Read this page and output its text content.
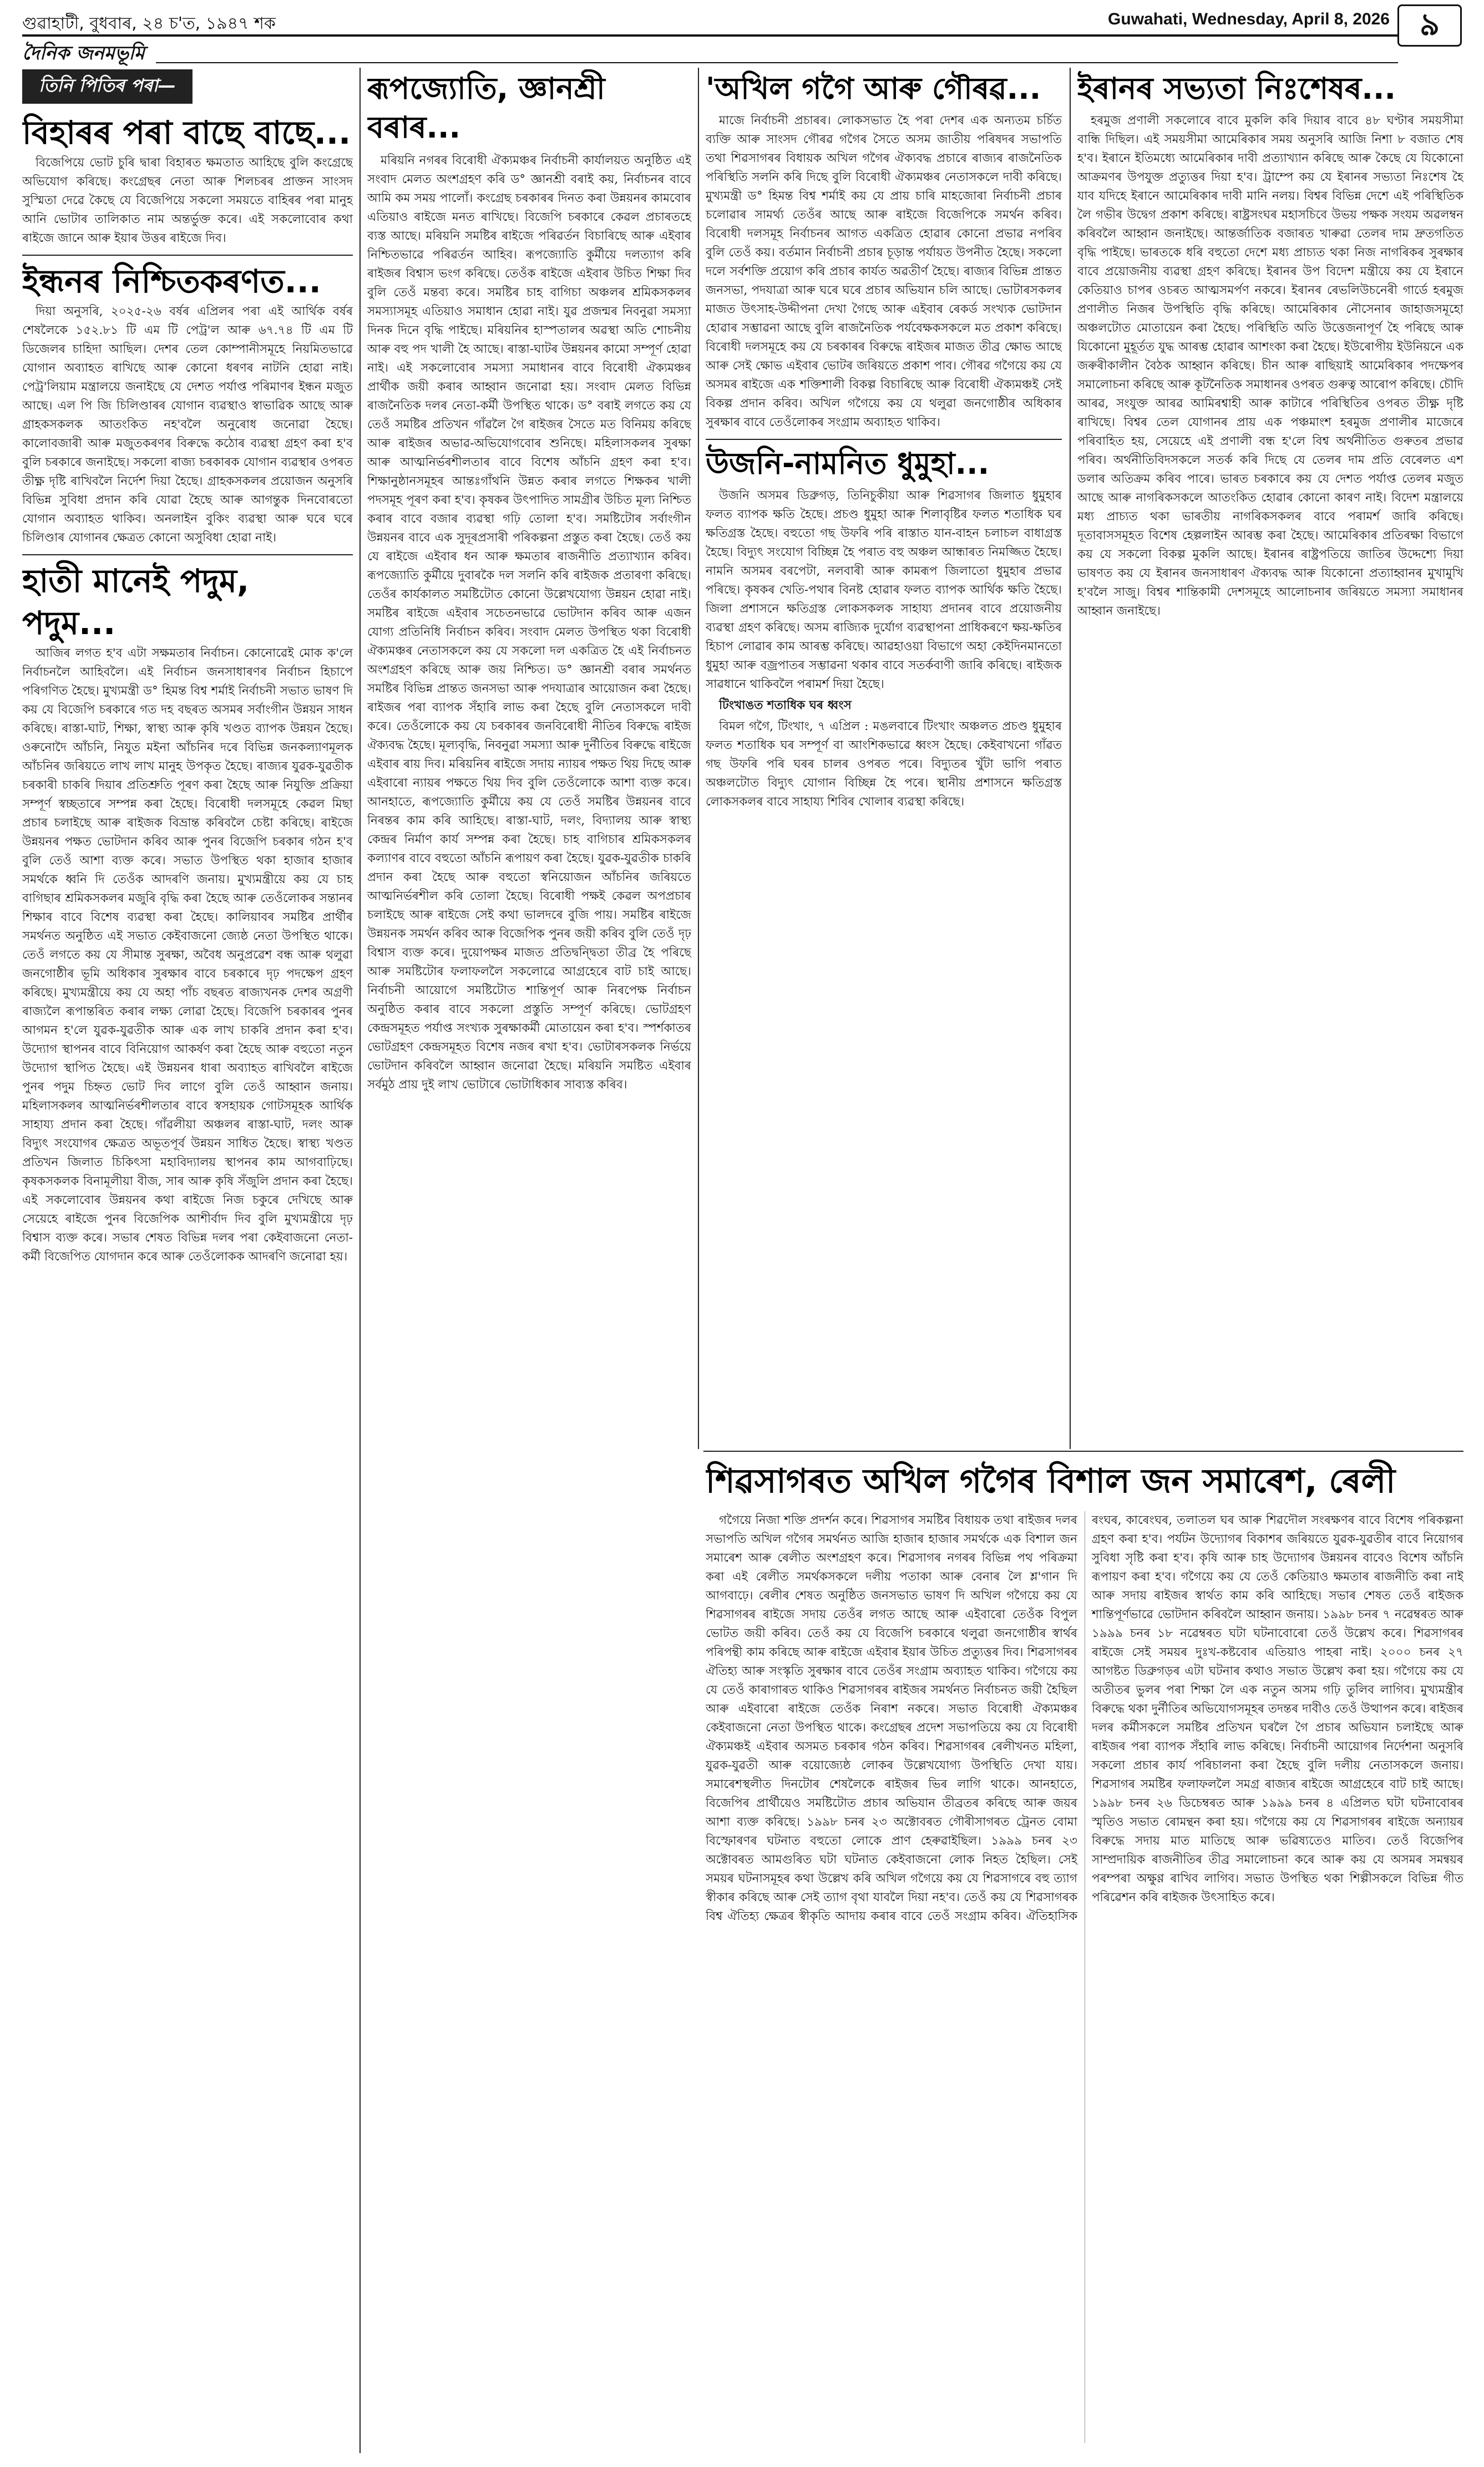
গুৱাহাটী, বুধবাৰ, ২৪ চ'ত, ১৯৪৭ শক	Guwahati, Wednesday, April 8, 2026 ৯
দৈনিক জনমভূমি
তিনি পিতিৰ পৰা—
বিহাৰৰ পৰা বাছে বাছে...

বিজেপিয়ে ভোট চুৰি দ্বাৰা বিহাৰত ক্ষমতাত আহিছে বুলি কংগ্ৰেছে অভিযোগ কৰিছে। কংগ্ৰেছৰ নেতা আৰু শিলচৰৰ প্ৰাক্তন সাংসদ সুস্মিতা দেৱে কৈছে যে বিজেপিয়ে সকলো সময়তে বাহিৰৰ পৰা মানুহ আনি ভোটাৰ তালিকাত নাম অন্তৰ্ভুক্ত কৰে। এই সকলোবোৰ কথা ৰাইজে জানে আৰু ইয়াৰ উত্তৰ ৰাইজে দিব।

ইন্ধনৰ নিশ্চিতকৰণত...

দিয়া অনুসৰি, ২০২৫-২৬ বৰ্ষৰ এপ্ৰিলৰ পৰা এই আৰ্থিক বৰ্ষৰ শেষলৈকে ১৫২.৮১ টি এম টি পেট্ৰ'ল আৰু ৬৭.৭৪ টি এম টি ডিজেলৰ চাহিদা আছিল। দেশৰ তেল কোম্পানীসমূহে নিয়মিতভাৱে যোগান অব্যাহত ৰাখিছে আৰু কোনো ধৰণৰ নাটনি হোৱা নাই। পেট্ৰ'লিয়াম মন্ত্ৰালয়ে জনাইছে যে দেশত পৰ্যাপ্ত পৰিমাণৰ ইন্ধন মজুত আছে। এল পি জি চিলিণ্ডাৰৰ যোগান ব্যৱস্থাও স্বাভাৱিক আছে আৰু গ্ৰাহকসকলক আতংকিত নহ'বলৈ অনুৰোধ জনোৱা হৈছে। কালোবজাৰী আৰু মজুতকৰণৰ বিৰুদ্ধে কঠোৰ ব্যৱস্থা গ্ৰহণ কৰা হ'ব বুলি চৰকাৰে জনাইছে। সকলো ৰাজ্য চৰকাৰক যোগান ব্যৱস্থাৰ ওপৰত তীক্ষ্ণ দৃষ্টি ৰাখিবলৈ নিৰ্দেশ দিয়া হৈছে। গ্ৰাহকসকলৰ প্ৰয়োজন অনুসৰি বিভিন্ন সুবিধা প্ৰদান কৰি যোৱা হৈছে আৰু আগন্তুক দিনবোৰতো যোগান অব্যাহত থাকিব। অনলাইন বুকিং ব্যৱস্থা আৰু ঘৰে ঘৰে চিলিণ্ডাৰ যোগানৰ ক্ষেত্ৰত কোনো অসুবিধা হোৱা নাই।

হাতী মানেই পদুম, পদুম...

আজিৰ লগত হ'ব এটা সক্ষমতাৰ নিৰ্বাচন। কোনোৱেই মোক ক'লে নিৰ্বাচনলৈ আহিবলৈ। এই নিৰ্বাচন জনসাধাৰণৰ নিৰ্বাচন হিচাপে পৰিগণিত হৈছে। মুখ্যমন্ত্ৰী ড° হিমন্ত বিশ্ব শৰ্মাই নিৰ্বাচনী সভাত ভাষণ দি কয় যে বিজেপি চৰকাৰে গত দহ বছৰত অসমৰ সৰ্বাংগীন উন্নয়ন সাধন কৰিছে। ৰাস্তা-ঘাট, শিক্ষা, স্বাস্থ্য আৰু কৃষি খণ্ডত ব্যাপক উন্নয়ন হৈছে। ওৰুনোদৈ আঁচনি, নিযুত মইনা আঁচনিৰ দৰে বিভিন্ন জনকল্যাণমূলক আঁচনিৰ জৰিয়তে লাখ লাখ মানুহ উপকৃত হৈছে। ৰাজ্যৰ যুৱক-যুৱতীক চৰকাৰী চাকৰি দিয়াৰ প্ৰতিশ্ৰুতি পূৰণ কৰা হৈছে আৰু নিযুক্তি প্ৰক্ৰিয়া সম্পূৰ্ণ স্বচ্ছতাৰে সম্পন্ন কৰা হৈছে। বিৰোধী দলসমূহে কেৱল মিছা প্ৰচাৰ চলাইছে আৰু ৰাইজক বিভ্ৰান্ত কৰিবলৈ চেষ্টা কৰিছে। ৰাইজে উন্নয়নৰ পক্ষত ভোটদান কৰিব আৰু পুনৰ বিজেপি চৰকাৰ গঠন হ'ব বুলি তেওঁ আশা ব্যক্ত কৰে। সভাত উপস্থিত থকা হাজাৰ হাজাৰ সমৰ্থকে ধ্বনি দি তেওঁক আদৰণি জনায়। মুখ্যমন্ত্ৰীয়ে কয় যে চাহ বাগিছাৰ শ্ৰমিকসকলৰ মজুৰি বৃদ্ধি কৰা হৈছে আৰু তেওঁলোকৰ সন্তানৰ শিক্ষাৰ বাবে বিশেষ ব্যৱস্থা কৰা হৈছে। কালিয়াবৰ সমষ্টিৰ প্ৰাৰ্থীৰ সমৰ্থনত অনুষ্ঠিত এই সভাত কেইবাজনো জ্যেষ্ঠ নেতা উপস্থিত থাকে। তেওঁ লগতে কয় যে সীমান্ত সুৰক্ষা, অবৈধ অনুপ্ৰৱেশ বন্ধ আৰু থলুৱা জনগোষ্ঠীৰ ভূমি অধিকাৰ সুৰক্ষাৰ বাবে চৰকাৰে দৃঢ় পদক্ষেপ গ্ৰহণ কৰিছে। মুখ্যমন্ত্ৰীয়ে কয় যে অহা পাঁচ বছৰত ৰাজ্যখনক দেশৰ অগ্ৰণী ৰাজ্যলৈ ৰূপান্তৰিত কৰাৰ লক্ষ্য লোৱা হৈছে। বিজেপি চৰকাৰৰ পুনৰ আগমন হ'লে যুৱক-যুৱতীক আৰু এক লাখ চাকৰি প্ৰদান কৰা হ'ব। উদ্যোগ স্থাপনৰ বাবে বিনিয়োগ আকৰ্ষণ কৰা হৈছে আৰু বহুতো নতুন উদ্যোগ স্থাপিত হৈছে। এই উন্নয়নৰ ধাৰা অব্যাহত ৰাখিবলৈ ৰাইজে পুনৰ পদুম চিহ্নত ভোট দিব লাগে বুলি তেওঁ আহ্বান জনায়। মহিলাসকলৰ আত্মনিৰ্ভৰশীলতাৰ বাবে স্বসহায়ক গোটসমূহক আৰ্থিক সাহায্য প্ৰদান কৰা হৈছে। গাঁৱলীয়া অঞ্চলৰ ৰাস্তা-ঘাট, দলং আৰু বিদ্যুৎ সংযোগৰ ক্ষেত্ৰত অভূতপূৰ্ব উন্নয়ন সাধিত হৈছে। স্বাস্থ্য খণ্ডত প্ৰতিখন জিলাত চিকিৎসা মহাবিদ্যালয় স্থাপনৰ কাম আগবাঢ়িছে। কৃষকসকলক বিনামূলীয়া বীজ, সাৰ আৰু কৃষি সঁজুলি প্ৰদান কৰা হৈছে। এই সকলোবোৰ উন্নয়নৰ কথা ৰাইজে নিজ চকুৰে দেখিছে আৰু সেয়েহে ৰাইজে পুনৰ বিজেপিক আশীৰ্বাদ দিব বুলি মুখ্যমন্ত্ৰীয়ে দৃঢ় বিশ্বাস ব্যক্ত কৰে। সভাৰ শেষত বিভিন্ন দলৰ পৰা কেইবাজনো নেতা-কৰ্মী বিজেপিত যোগদান কৰে আৰু তেওঁলোকক আদৰণি জনোৱা হয়।

ৰূপজ্যোতি, জ্ঞানশ্ৰী বৰাৰ...

মৰিয়নি নগৰৰ বিৰোধী ঐক্যমঞ্চৰ নিৰ্বাচনী কাৰ্যালয়ত অনুষ্ঠিত এই সংবাদ মেলত অংশগ্ৰহণ কৰি ড° জ্ঞানশ্ৰী বৰাই কয়, নিৰ্বাচনৰ বাবে আমি কম সময় পালোঁ। কংগ্ৰেছ চৰকাৰৰ দিনত কৰা উন্নয়নৰ কামবোৰ এতিয়াও ৰাইজে মনত ৰাখিছে। বিজেপি চৰকাৰে কেৱল প্ৰচাৰতহে ব্যস্ত আছে। মৰিয়নি সমষ্টিৰ ৰাইজে পৰিৱৰ্তন বিচাৰিছে আৰু এইবাৰ নিশ্চিতভাৱে পৰিৱৰ্তন আহিব। ৰূপজ্যোতি কুৰ্মীয়ে দলত্যাগ কৰি ৰাইজৰ বিশ্বাস ভংগ কৰিছে। তেওঁক ৰাইজে এইবাৰ উচিত শিক্ষা দিব বুলি তেওঁ মন্তব্য কৰে। সমষ্টিৰ চাহ বাগিচা অঞ্চলৰ শ্ৰমিকসকলৰ সমস্যাসমূহ এতিয়াও সমাধান হোৱা নাই। যুৱ প্ৰজন্মৰ নিবনুৱা সমস্যা দিনক দিনে বৃদ্ধি পাইছে। মৰিয়নিৰ হাস্পতালৰ অৱস্থা অতি শোচনীয় আৰু বহু পদ খালী হৈ আছে। ৰাস্তা-ঘাটৰ উন্নয়নৰ কামো সম্পূৰ্ণ হোৱা নাই। এই সকলোবোৰ সমস্যা সমাধানৰ বাবে বিৰোধী ঐক্যমঞ্চৰ প্ৰাৰ্থীক জয়ী কৰাৰ আহ্বান জনোৱা হয়। সংবাদ মেলত বিভিন্ন ৰাজনৈতিক দলৰ নেতা-কৰ্মী উপস্থিত থাকে। ড° বৰাই লগতে কয় যে তেওঁ সমষ্টিৰ প্ৰতিখন গাঁৱলৈ গৈ ৰাইজৰ সৈতে মত বিনিময় কৰিছে আৰু ৰাইজৰ অভাৱ-অভিযোগবোৰ শুনিছে। মহিলাসকলৰ সুৰক্ষা আৰু আত্মনিৰ্ভৰশীলতাৰ বাবে বিশেষ আঁচনি গ্ৰহণ কৰা হ'ব। শিক্ষানুষ্ঠানসমূহৰ আন্তঃগাঁথনি উন্নত কৰাৰ লগতে শিক্ষকৰ খালী পদসমূহ পূৰণ কৰা হ'ব। কৃষকৰ উৎপাদিত সামগ্ৰীৰ উচিত মূল্য নিশ্চিত কৰাৰ বাবে বজাৰ ব্যৱস্থা গঢ়ি তোলা হ'ব। সমষ্টিটোৰ সৰ্বাংগীন উন্নয়নৰ বাবে এক সুদূৰপ্ৰসাৰী পৰিকল্পনা প্ৰস্তুত কৰা হৈছে। তেওঁ কয় যে ৰাইজে এইবাৰ ধন আৰু ক্ষমতাৰ ৰাজনীতি প্ৰত্যাখ্যান কৰিব। ৰূপজ্যোতি কুৰ্মীয়ে দুবাৰকৈ দল সলনি কৰি ৰাইজক প্ৰতাৰণা কৰিছে। তেওঁৰ কাৰ্যকালত সমষ্টিটোত কোনো উল্লেখযোগ্য উন্নয়ন হোৱা নাই। সমষ্টিৰ ৰাইজে এইবাৰ সচেতনভাৱে ভোটদান কৰিব আৰু এজন যোগ্য প্ৰতিনিধি নিৰ্বাচন কৰিব। সংবাদ মেলত উপস্থিত থকা বিৰোধী ঐক্যমঞ্চৰ নেতাসকলে কয় যে সকলো দল একত্ৰিত হৈ এই নিৰ্বাচনত অংশগ্ৰহণ কৰিছে আৰু জয় নিশ্চিত। ড° জ্ঞানশ্ৰী বৰাৰ সমৰ্থনত সমষ্টিৰ বিভিন্ন প্ৰান্তত জনসভা আৰু পদযাত্ৰাৰ আয়োজন কৰা হৈছে। ৰাইজৰ পৰা ব্যাপক সঁহাৰি লাভ কৰা হৈছে বুলি নেতাসকলে দাবী কৰে। তেওঁলোকে কয় যে চৰকাৰৰ জনবিৰোধী নীতিৰ বিৰুদ্ধে ৰাইজ ঐক্যবদ্ধ হৈছে। মূল্যবৃদ্ধি, নিবনুৱা সমস্যা আৰু দুৰ্নীতিৰ বিৰুদ্ধে ৰাইজে এইবাৰ ৰায় দিব। মৰিয়নিৰ ৰাইজে সদায় ন্যায়ৰ পক্ষত থিয় দিছে আৰু এইবাৰো ন্যায়ৰ পক্ষতে থিয় দিব বুলি তেওঁলোকে আশা ব্যক্ত কৰে। আনহাতে, ৰূপজ্যোতি কুৰ্মীয়ে কয় যে তেওঁ সমষ্টিৰ উন্নয়নৰ বাবে নিৰন্তৰ কাম কৰি আহিছে। ৰাস্তা-ঘাট, দলং, বিদ্যালয় আৰু স্বাস্থ্য কেন্দ্ৰৰ নিৰ্মাণ কাৰ্য সম্পন্ন কৰা হৈছে। চাহ বাগিচাৰ শ্ৰমিকসকলৰ কল্যাণৰ বাবে বহুতো আঁচনি ৰূপায়ণ কৰা হৈছে। যুৱক-যুৱতীক চাকৰি প্ৰদান কৰা হৈছে আৰু বহুতো স্বনিয়োজন আঁচনিৰ জৰিয়তে আত্মনিৰ্ভৰশীল কৰি তোলা হৈছে। বিৰোধী পক্ষই কেৱল অপপ্ৰচাৰ চলাইছে আৰু ৰাইজে সেই কথা ভালদৰে বুজি পায়। সমষ্টিৰ ৰাইজে উন্নয়নক সমৰ্থন কৰিব আৰু বিজেপিক পুনৰ জয়ী কৰিব বুলি তেওঁ দৃঢ় বিশ্বাস ব্যক্ত কৰে। দুয়োপক্ষৰ মাজত প্ৰতিদ্বন্দ্বিতা তীব্ৰ হৈ পৰিছে আৰু সমষ্টিটোৰ ফলাফললৈ সকলোৱে আগ্ৰহেৰে বাট চাই আছে। নিৰ্বাচনী আয়োগে সমষ্টিটোত শান্তিপূৰ্ণ আৰু নিৰপেক্ষ নিৰ্বাচন অনুষ্ঠিত কৰাৰ বাবে সকলো প্ৰস্তুতি সম্পূৰ্ণ কৰিছে। ভোটগ্ৰহণ কেন্দ্ৰসমূহত পৰ্যাপ্ত সংখ্যক সুৰক্ষাকৰ্মী মোতায়েন কৰা হ'ব। স্পৰ্শকাতৰ ভোটগ্ৰহণ কেন্দ্ৰসমূহত বিশেষ নজৰ ৰখা হ'ব। ভোটাৰসকলক নিৰ্ভয়ে ভোটদান কৰিবলৈ আহ্বান জনোৱা হৈছে। মৰিয়নি সমষ্টিত এইবাৰ সৰ্বমুঠ প্ৰায় দুই লাখ ভোটাৰে ভোটাধিকাৰ সাব্যস্ত কৰিব।

'অখিল গগৈ আৰু গৌৰৱ...

মাজে নিৰ্বাচনী প্ৰচাৰৰ। লোকসভাত হৈ পৰা দেশৰ এক অন্যতম চৰ্চিত ব্যক্তি আৰু সাংসদ গৌৰৱ গগৈৰ সৈতে অসম জাতীয় পৰিষদৰ সভাপতি তথা শিৱসাগৰৰ বিধায়ক অখিল গগৈৰ ঐক্যবদ্ধ প্ৰচাৰে ৰাজ্যৰ ৰাজনৈতিক পৰিস্থিতি সলনি কৰি দিছে বুলি বিৰোধী ঐক্যমঞ্চৰ নেতাসকলে দাবী কৰিছে। মুখ্যমন্ত্ৰী ড° হিমন্ত বিশ্ব শৰ্মাই কয় যে প্ৰায় চাৰি মাহজোৰা নিৰ্বাচনী প্ৰচাৰ চলোৱাৰ সামৰ্থ্য তেওঁৰ আছে আৰু ৰাইজে বিজেপিকে সমৰ্থন কৰিব। বিৰোধী দলসমূহ নিৰ্বাচনৰ আগত একত্ৰিত হোৱাৰ কোনো প্ৰভাৱ নপৰিব বুলি তেওঁ কয়। বৰ্তমান নিৰ্বাচনী প্ৰচাৰ চূড়ান্ত পৰ্যায়ত উপনীত হৈছে। সকলো দলে সৰ্বশক্তি প্ৰয়োগ কৰি প্ৰচাৰ কাৰ্যত অৱতীৰ্ণ হৈছে। ৰাজ্যৰ বিভিন্ন প্ৰান্তত জনসভা, পদযাত্ৰা আৰু ঘৰে ঘৰে প্ৰচাৰ অভিযান চলি আছে। ভোটাৰসকলৰ মাজত উৎসাহ-উদ্দীপনা দেখা গৈছে আৰু এইবাৰ ৰেকৰ্ড সংখ্যক ভোটদান হোৱাৰ সম্ভাৱনা আছে বুলি ৰাজনৈতিক পৰ্যবেক্ষকসকলে মত প্ৰকাশ কৰিছে। বিৰোধী দলসমূহে কয় যে চৰকাৰৰ বিৰুদ্ধে ৰাইজৰ মাজত তীব্ৰ ক্ষোভ আছে আৰু সেই ক্ষোভ এইবাৰ ভোটৰ জৰিয়তে প্ৰকাশ পাব। গৌৰৱ গগৈয়ে কয় যে অসমৰ ৰাইজে এক শক্তিশালী বিকল্প বিচাৰিছে আৰু বিৰোধী ঐক্যমঞ্চই সেই বিকল্প প্ৰদান কৰিব। অখিল গগৈয়ে কয় যে থলুৱা জনগোষ্ঠীৰ অধিকাৰ সুৰক্ষাৰ বাবে তেওঁলোকৰ সংগ্ৰাম অব্যাহত থাকিব।

উজনি-নামনিত ধুমুহা...

উজনি অসমৰ ডিব্ৰুগড়, তিনিচুকীয়া আৰু শিৱসাগৰ জিলাত ধুমুহাৰ ফলত ব্যাপক ক্ষতি হৈছে। প্ৰচণ্ড ধুমুহা আৰু শিলাবৃষ্টিৰ ফলত শতাধিক ঘৰ ক্ষতিগ্ৰস্ত হৈছে। বহুতো গছ উফৰি পৰি ৰাস্তাত যান-বাহন চলাচল বাধাগ্ৰস্ত হৈছে। বিদ্যুৎ সংযোগ বিচ্ছিন্ন হৈ পৰাত বহু অঞ্চল আন্ধাৰত নিমজ্জিত হৈছে। নামনি অসমৰ বৰপেটা, নলবাৰী আৰু কামৰূপ জিলাতো ধুমুহাৰ প্ৰভাৱ পৰিছে। কৃষকৰ খেতি-পথাৰ বিনষ্ট হোৱাৰ ফলত ব্যাপক আৰ্থিক ক্ষতি হৈছে। জিলা প্ৰশাসনে ক্ষতিগ্ৰস্ত লোকসকলক সাহায্য প্ৰদানৰ বাবে প্ৰয়োজনীয় ব্যৱস্থা গ্ৰহণ কৰিছে। অসম ৰাজ্যিক দুৰ্যোগ ব্যৱস্থাপনা প্ৰাধিকৰণে ক্ষয়-ক্ষতিৰ হিচাপ লোৱাৰ কাম আৰম্ভ কৰিছে। আৱহাওয়া বিভাগে অহা কেইদিনমানতো ধুমুহা আৰু বজ্ৰপাতৰ সম্ভাৱনা থকাৰ বাবে সতৰ্কবাণী জাৰি কৰিছে। ৰাইজক সাৱধানে থাকিবলৈ পৰামৰ্শ দিয়া হৈছে।

টিংখাঙত শতাধিক ঘৰ ধ্বংস

বিমল গগৈ, টিংখাং, ৭ এপ্ৰিল : মঙলবাৰে টিংখাং অঞ্চলত প্ৰচণ্ড ধুমুহাৰ ফলত শতাধিক ঘৰ সম্পূৰ্ণ বা আংশিকভাৱে ধ্বংস হৈছে। কেইবাখনো গাঁৱত গছ উফৰি পৰি ঘৰৰ চালৰ ওপৰত পৰে। বিদ্যুতৰ খুঁটা ভাগি পৰাত অঞ্চলটোত বিদ্যুৎ যোগান বিচ্ছিন্ন হৈ পৰে। স্থানীয় প্ৰশাসনে ক্ষতিগ্ৰস্ত লোকসকলৰ বাবে সাহায্য শিবিৰ খোলাৰ ব্যৱস্থা কৰিছে।

ইৰানৰ সভ্যতা নিঃশেষৰ...

হৰমুজ প্ৰণালী সকলোৰে বাবে মুকলি কৰি দিয়াৰ বাবে ৪৮ ঘণ্টাৰ সময়সীমা বান্ধি দিছিল। এই সময়সীমা আমেৰিকাৰ সময় অনুসৰি আজি নিশা ৮ বজাত শেষ হ'ব। ইৰানে ইতিমধ্যে আমেৰিকাৰ দাবী প্ৰত্যাখ্যান কৰিছে আৰু কৈছে যে যিকোনো আক্ৰমণৰ উপযুক্ত প্ৰত্যুত্তৰ দিয়া হ'ব। ট্ৰাম্পে কয় যে ইৰানৰ সভ্যতা নিঃশেষ হৈ যাব যদিহে ইৰানে আমেৰিকাৰ দাবী মানি নলয়। বিশ্বৰ বিভিন্ন দেশে এই পৰিস্থিতিক লৈ গভীৰ উদ্বেগ প্ৰকাশ কৰিছে। ৰাষ্ট্ৰসংঘৰ মহাসচিবে উভয় পক্ষক সংযম অৱলম্বন কৰিবলৈ আহ্বান জনাইছে। আন্তৰ্জাতিক বজাৰত খাৰুৱা তেলৰ দাম দ্ৰুতগতিত বৃদ্ধি পাইছে। ভাৰতকে ধৰি বহুতো দেশে মধ্য প্ৰাচ্যত থকা নিজ নাগৰিকৰ সুৰক্ষাৰ বাবে প্ৰয়োজনীয় ব্যৱস্থা গ্ৰহণ কৰিছে। ইৰানৰ উপ বিদেশ মন্ত্ৰীয়ে কয় যে ইৰানে কেতিয়াও চাপৰ ওচৰত আত্মসমৰ্পণ নকৰে। ইৰানৰ ৰেভলিউচনেৰী গাৰ্ডে হৰমুজ প্ৰণালীত নিজৰ উপস্থিতি বৃদ্ধি কৰিছে। আমেৰিকাৰ নৌসেনাৰ জাহাজসমূহো অঞ্চলটোত মোতায়েন কৰা হৈছে। পৰিস্থিতি অতি উত্তেজনাপূৰ্ণ হৈ পৰিছে আৰু যিকোনো মুহূৰ্তত যুদ্ধ আৰম্ভ হোৱাৰ আশংকা কৰা হৈছে। ইউৰোপীয় ইউনিয়নে এক জৰুৰীকালীন বৈঠক আহ্বান কৰিছে। চীন আৰু ৰাছিয়াই আমেৰিকাৰ পদক্ষেপৰ সমালোচনা কৰিছে আৰু কূটনৈতিক সমাধানৰ ওপৰত গুৰুত্ব আৰোপ কৰিছে। চৌদি আৰৱ, সংযুক্ত আৰৱ আমিৰশ্বাহী আৰু কাটাৰে পৰিস্থিতিৰ ওপৰত তীক্ষ্ণ দৃষ্টি ৰাখিছে। বিশ্বৰ তেল যোগানৰ প্ৰায় এক পঞ্চমাংশ হৰমুজ প্ৰণালীৰ মাজেৰে পৰিবাহিত হয়, সেয়েহে এই প্ৰণালী বন্ধ হ'লে বিশ্ব অৰ্থনীতিত গুৰুতৰ প্ৰভাৱ পৰিব। অৰ্থনীতিবিদসকলে সতৰ্ক কৰি দিছে যে তেলৰ দাম প্ৰতি বেৰেলত এশ ডলাৰ অতিক্ৰম কৰিব পাৰে। ভাৰত চৰকাৰে কয় যে দেশত পৰ্যাপ্ত তেলৰ মজুত আছে আৰু নাগৰিকসকলে আতংকিত হোৱাৰ কোনো কাৰণ নাই। বিদেশ মন্ত্ৰালয়ে মধ্য প্ৰাচ্যত থকা ভাৰতীয় নাগৰিকসকলৰ বাবে পৰামৰ্শ জাৰি কৰিছে। দূতাবাসসমূহত বিশেষ হেল্পলাইন আৰম্ভ কৰা হৈছে। আমেৰিকাৰ প্ৰতিৰক্ষা বিভাগে কয় যে সকলো বিকল্প মুকলি আছে। ইৰানৰ ৰাষ্ট্ৰপতিয়ে জাতিৰ উদ্দেশ্যে দিয়া ভাষণত কয় যে ইৰানৰ জনসাধাৰণ ঐক্যবদ্ধ আৰু যিকোনো প্ৰত্যাহ্বানৰ মুখামুখি হ'বলৈ সাজু। বিশ্বৰ শান্তিকামী দেশসমূহে আলোচনাৰ জৰিয়তে সমস্যা সমাধানৰ আহ্বান জনাইছে।

শিৱসাগৰত অখিল গগৈৰ বিশাল জন সমাৰেশ, ৰেলী

গগৈয়ে নিজা শক্তি প্ৰদৰ্শন কৰে। শিৱসাগৰ সমষ্টিৰ বিধায়ক তথা ৰাইজৰ দলৰ সভাপতি অখিল গগৈৰ সমৰ্থনত আজি হাজাৰ হাজাৰ সমৰ্থকে এক বিশাল জন সমাৰেশ আৰু ৰেলীত অংশগ্ৰহণ কৰে। শিৱসাগৰ নগৰৰ বিভিন্ন পথ পৰিক্ৰমা কৰা এই ৰেলীত সমৰ্থকসকলে দলীয় পতাকা আৰু বেনাৰ লৈ শ্ল'গান দি আগবাঢ়ে। ৰেলীৰ শেষত অনুষ্ঠিত জনসভাত ভাষণ দি অখিল গগৈয়ে কয় যে শিৱসাগৰৰ ৰাইজে সদায় তেওঁৰ লগত আছে আৰু এইবাৰো তেওঁক বিপুল ভোটত জয়ী কৰিব। তেওঁ কয় যে বিজেপি চৰকাৰে থলুৱা জনগোষ্ঠীৰ স্বাৰ্থৰ পৰিপন্থী কাম কৰিছে আৰু ৰাইজে এইবাৰ ইয়াৰ উচিত প্ৰত্যুত্তৰ দিব। শিৱসাগৰৰ ঐতিহ্য আৰু সংস্কৃতি সুৰক্ষাৰ বাবে তেওঁৰ সংগ্ৰাম অব্যাহত থাকিব। গগৈয়ে কয় যে তেওঁ কাৰাগাৰত থাকিও শিৱসাগৰৰ ৰাইজৰ সমৰ্থনত নিৰ্বাচনত জয়ী হৈছিল আৰু এইবাৰো ৰাইজে তেওঁক নিৰাশ নকৰে। সভাত বিৰোধী ঐক্যমঞ্চৰ কেইবাজনো নেতা উপস্থিত থাকে। কংগ্ৰেছৰ প্ৰদেশ সভাপতিয়ে কয় যে বিৰোধী ঐক্যমঞ্চই এইবাৰ অসমত চৰকাৰ গঠন কৰিব। শিৱসাগৰৰ ৰেলীখনত মহিলা, যুৱক-যুৱতী আৰু বয়োজ্যেষ্ঠ লোকৰ উল্লেখযোগ্য উপস্থিতি দেখা যায়। সমাৰেশস্থলীত দিনটোৰ শেষলৈকে ৰাইজৰ ভিৰ লাগি থাকে। আনহাতে, বিজেপিৰ প্ৰাৰ্থীয়েও সমষ্টিটোত প্ৰচাৰ অভিযান তীব্ৰতৰ কৰিছে আৰু জয়ৰ আশা ব্যক্ত কৰিছে। ১৯৯৮ চনৰ ২৩ অক্টোবৰত গৌৰীসাগৰত ট্ৰেনত বোমা বিস্ফোৰণৰ ঘটনাত বহুতো লোকে প্ৰাণ হেৰুৱাইছিল। ১৯৯৯ চনৰ ২৩ অক্টোবৰত আমগুৰিত ঘটা ঘটনাত কেইবাজনো লোক নিহত হৈছিল। সেই সময়ৰ ঘটনাসমূহৰ কথা উল্লেখ কৰি অখিল গগৈয়ে কয় যে শিৱসাগৰে বহু ত্যাগ স্বীকাৰ কৰিছে আৰু সেই ত্যাগ বৃথা যাবলৈ দিয়া নহ'ব। তেওঁ কয় যে শিৱসাগৰক বিশ্ব ঐতিহ্য ক্ষেত্ৰৰ স্বীকৃতি আদায় কৰাৰ বাবে তেওঁ সংগ্ৰাম কৰিব। ঐতিহাসিক ৰংঘৰ, কাৰেংঘৰ, তলাতল ঘৰ আৰু শিৱদৌল সংৰক্ষণৰ বাবে বিশেষ পৰিকল্পনা গ্ৰহণ কৰা হ'ব। পৰ্যটন উদ্যোগৰ বিকাশৰ জৰিয়তে যুৱক-যুৱতীৰ বাবে নিয়োগৰ সুবিধা সৃষ্টি কৰা হ'ব। কৃষি আৰু চাহ উদ্যোগৰ উন্নয়নৰ বাবেও বিশেষ আঁচনি ৰূপায়ণ কৰা হ'ব। গগৈয়ে কয় যে তেওঁ কেতিয়াও ক্ষমতাৰ ৰাজনীতি কৰা নাই আৰু সদায় ৰাইজৰ স্বাৰ্থত কাম কৰি আহিছে। সভাৰ শেষত তেওঁ ৰাইজক শান্তিপূৰ্ণভাৱে ভোটদান কৰিবলৈ আহ্বান জনায়। ১৯৯৮ চনৰ ৭ নৱেম্বৰত আৰু ১৯৯৯ চনৰ ১৮ নৱেম্বৰত ঘটা ঘটনাবোৰো তেওঁ উল্লেখ কৰে। শিৱসাগৰৰ ৰাইজে সেই সময়ৰ দুঃখ-কষ্টবোৰ এতিয়াও পাহৰা নাই। ২০০০ চনৰ ২৭ আগষ্টত ডিব্ৰুগড়ৰ এটা ঘটনাৰ কথাও সভাত উল্লেখ কৰা হয়। গগৈয়ে কয় যে অতীতৰ ভুলৰ পৰা শিক্ষা লৈ এক নতুন অসম গঢ়ি তুলিব লাগিব। মুখ্যমন্ত্ৰীৰ বিৰুদ্ধে থকা দুৰ্নীতিৰ অভিযোগসমূহৰ তদন্তৰ দাবীও তেওঁ উত্থাপন কৰে। ৰাইজৰ দলৰ কৰ্মীসকলে সমষ্টিৰ প্ৰতিখন ঘৰলৈ গৈ প্ৰচাৰ অভিযান চলাইছে আৰু ৰাইজৰ পৰা ব্যাপক সঁহাৰি লাভ কৰিছে। নিৰ্বাচনী আয়োগৰ নিৰ্দেশনা অনুসৰি সকলো প্ৰচাৰ কাৰ্য পৰিচালনা কৰা হৈছে বুলি দলীয় নেতাসকলে জনায়। শিৱসাগৰ সমষ্টিৰ ফলাফললৈ সমগ্ৰ ৰাজ্যৰ ৰাইজে আগ্ৰহেৰে বাট চাই আছে। ১৯৯৮ চনৰ ২৬ ডিচেম্বৰত আৰু ১৯৯৯ চনৰ ৪ এপ্ৰিলত ঘটা ঘটনাবোৰৰ স্মৃতিও সভাত ৰোমন্থন কৰা হয়। গগৈয়ে কয় যে শিৱসাগৰৰ ৰাইজে অন্যায়ৰ বিৰুদ্ধে সদায় মাত মাতিছে আৰু ভৱিষ্যতেও মাতিব। তেওঁ বিজেপিৰ সাম্প্ৰদায়িক ৰাজনীতিৰ তীব্ৰ সমালোচনা কৰে আৰু কয় যে অসমৰ সমন্বয়ৰ পৰম্পৰা অক্ষুণ্ণ ৰাখিব লাগিব। সভাত উপস্থিত থকা শিল্পীসকলে বিভিন্ন গীত পৰিৱেশন কৰি ৰাইজক উৎসাহিত কৰে।
